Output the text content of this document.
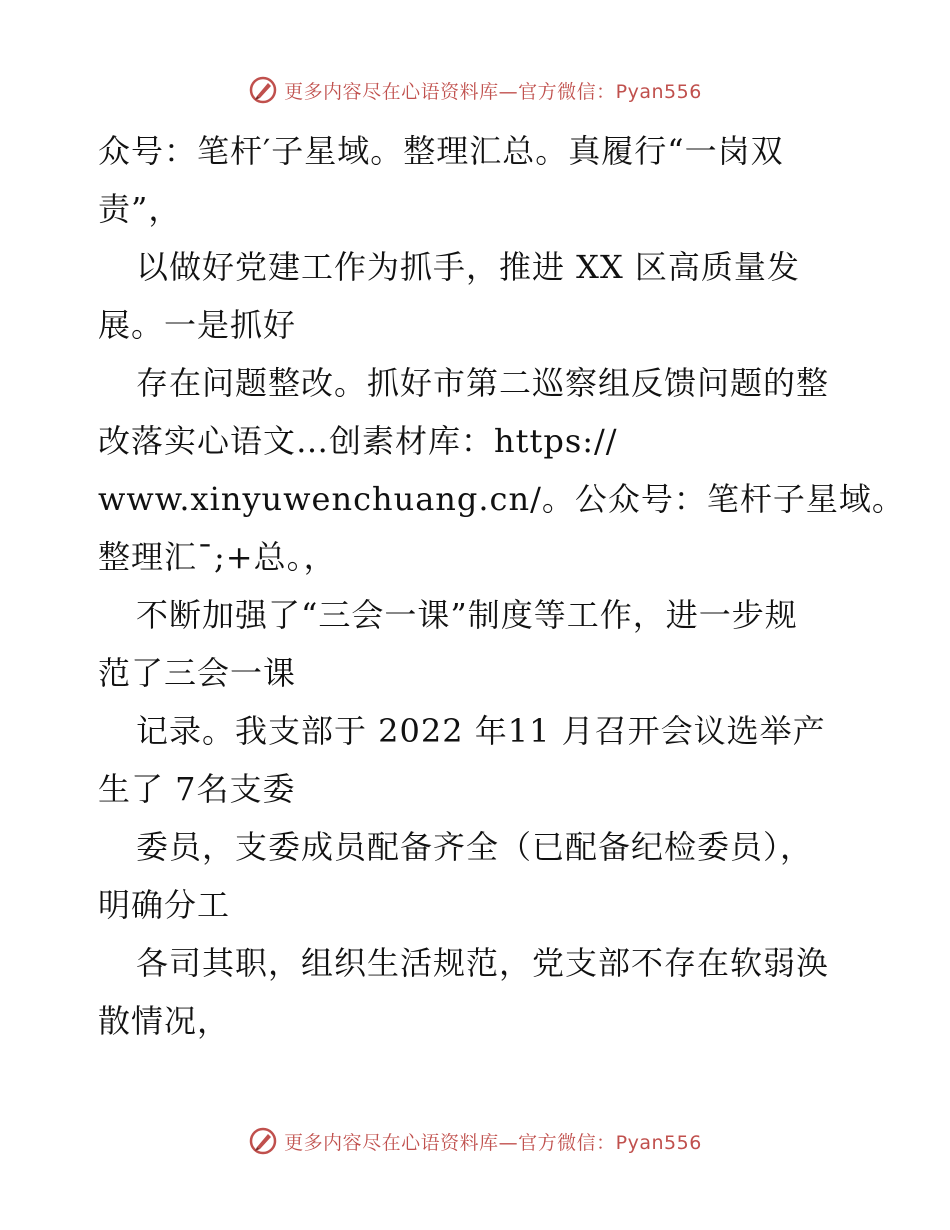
更多内容尽在心语资料库—官方微信：Pyan556
众号：笔杆′子星域。整理汇总。真履行“一岗双
责”，
以做好党建工作为抓手，推进 XX 区高质量发
展。一是抓好
存在问题整改。抓好市第二巡察组反馈问题的整
改落实心语文…创素材库：https://
www.xinyuwenchuang.cn/。公众号：笔杆子星域。
整理汇¯;+总。，
不断加强了“三会一课”制度等工作，进一步规
范了三会一课
记录。我支部于 2022 年11 月召开会议选举产
生了 7名支委
委员，支委成员配备齐全（已配备纪检委员），
明确分工
各司其职，组织生活规范，党支部不存在软弱涣
散情况，
更多内容尽在心语资料库—官方微信：Pyan556
